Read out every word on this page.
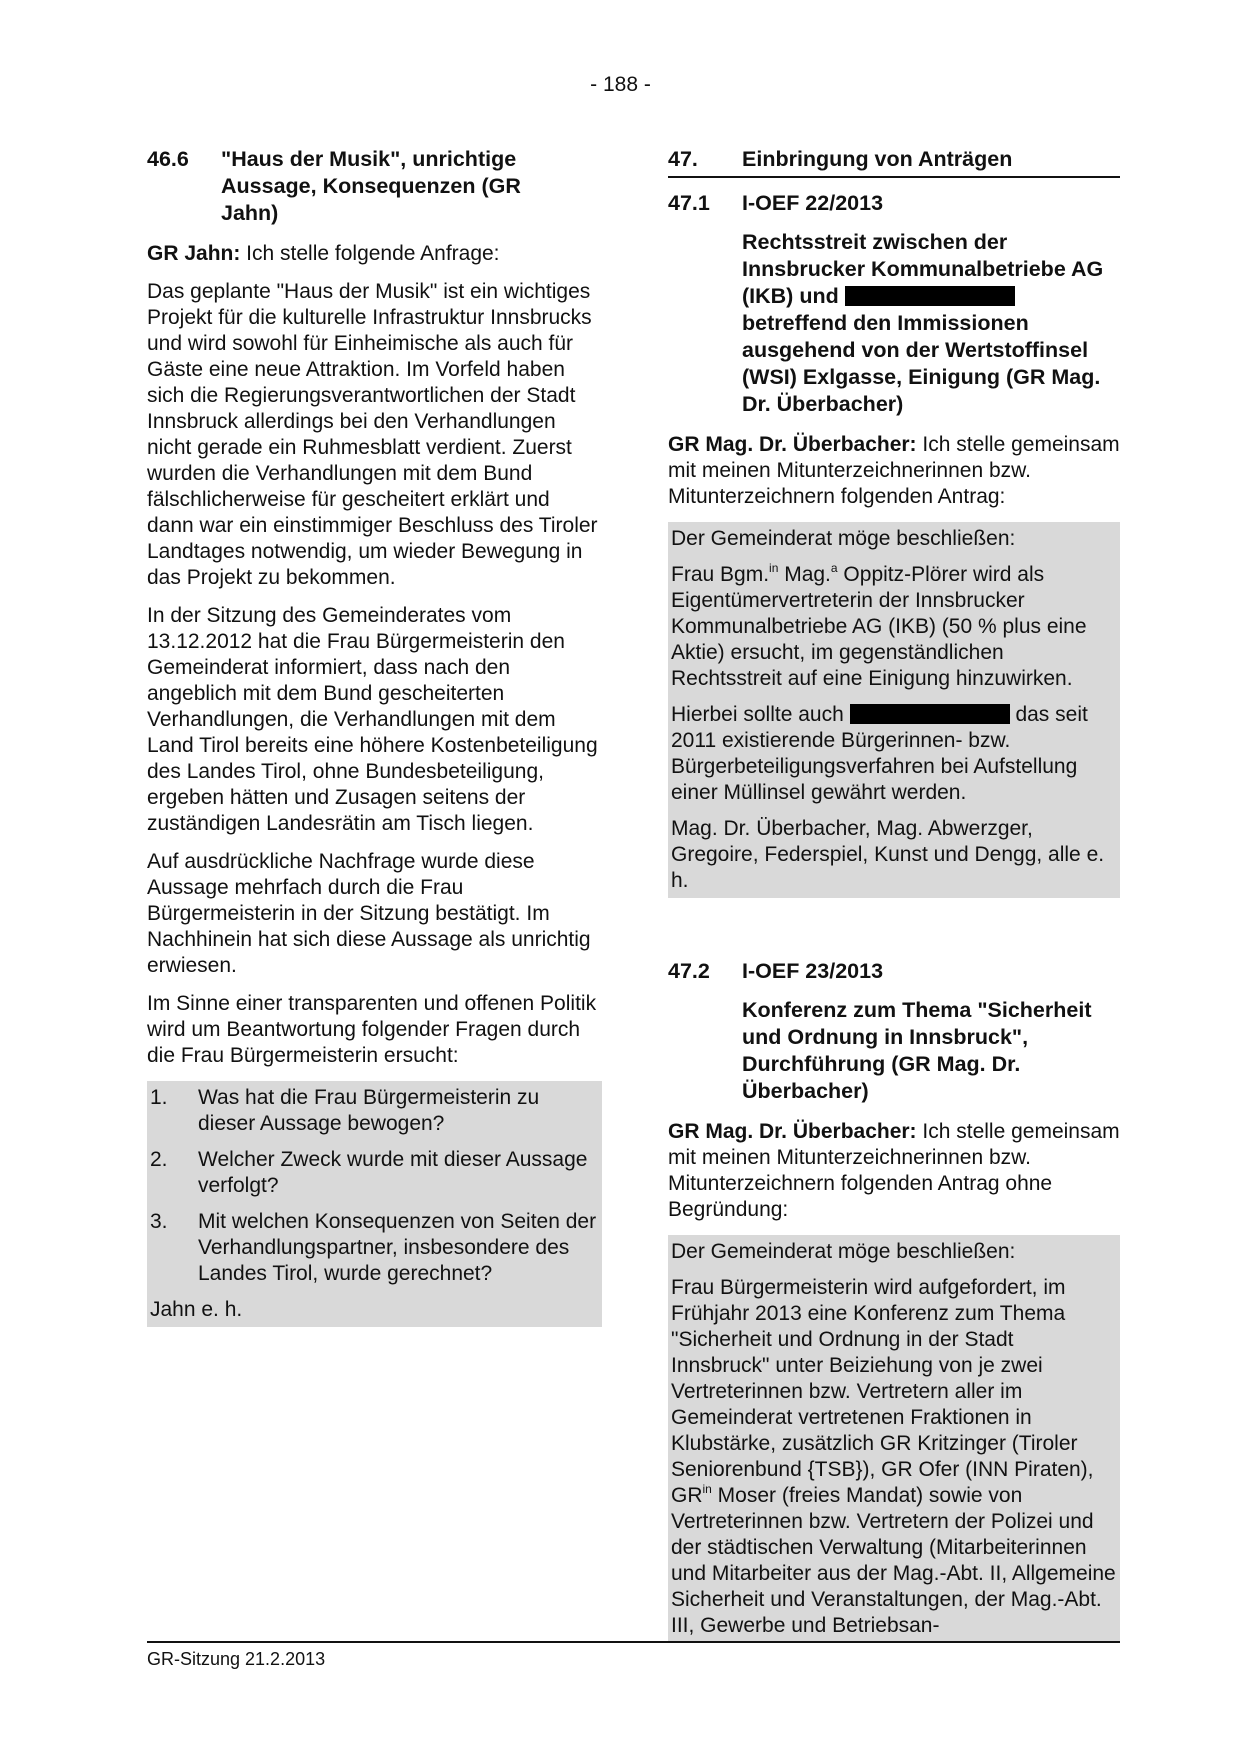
- 188 -
46.6	"Haus der Musik", unrichtige Aussage, Konsequenzen (GR Jahn)

GR Jahn: Ich stelle folgende Anfrage:

Das geplante "Haus der Musik" ist ein wichtiges Projekt für die kulturelle Infrastruktur Innsbrucks und wird sowohl für Einheimische als auch für Gäste eine neue Attraktion. Im Vorfeld haben sich die Regierungsverantwortlichen der Stadt Innsbruck allerdings bei den Verhandlungen nicht gerade ein Ruhmesblatt verdient. Zuerst wurden die Verhandlungen mit dem Bund fälschlicherweise für gescheitert erklärt und dann war ein einstimmiger Beschluss des Tiroler Landtages notwendig, um wieder Bewegung in das Projekt zu bekommen.

In der Sitzung des Gemeinderates vom 13.12.2012 hat die Frau Bürgermeisterin den Gemeinderat informiert, dass nach den angeblich mit dem Bund gescheiterten Verhandlungen, die Verhandlungen mit dem Land Tirol bereits eine höhere Kostenbeteiligung des Landes Tirol, ohne Bundesbeteiligung, ergeben hätten und Zusagen seitens der zuständigen Landesrätin am Tisch liegen.

Auf ausdrückliche Nachfrage wurde diese Aussage mehrfach durch die Frau Bürgermeisterin in der Sitzung bestätigt. Im Nachhinein hat sich diese Aussage als unrichtig erwiesen.

Im Sinne einer transparenten und offenen Politik wird um Beantwortung folgender Fragen durch die Frau Bürgermeisterin ersucht:

1.	Was hat die Frau Bürgermeisterin zu dieser Aussage bewogen?
2.	Welcher Zweck wurde mit dieser Aussage verfolgt?
3.	Mit welchen Konsequenzen von Seiten der Verhandlungspartner, insbesondere des Landes Tirol, wurde gerechnet?

Jahn e. h.

47.	Einbringung von Anträgen
47.1	I-OEF 22/2013
Rechtsstreit zwischen der Innsbrucker Kommunalbetriebe AG (IKB) und  betreffend den Immissionen ausgehend von der Wertstoffinsel (WSI) Exlgasse, Einigung (GR Mag. Dr. Überbacher)

GR Mag. Dr. Überbacher: Ich stelle gemeinsam mit meinen Mitunterzeichnerinnen bzw. Mitunterzeichnern folgenden Antrag:

Der Gemeinderat möge beschließen:

Frau Bgm.$^{in}$ Mag.$^a$ Oppitz-Plörer wird als Eigentümervertreterin der Innsbrucker Kommunalbetriebe AG (IKB) (50 % plus eine Aktie) ersucht, im gegenständlichen Rechtsstreit auf eine Einigung hinzuwirken.

Hierbei sollte auch	das seit 2011 existierende Bürgerinnen- bzw. Bürgerbeteiligungsverfahren bei Aufstellung einer Müllinsel gewährt werden.

Mag. Dr. Überbacher, Mag. Abwerzger, Gregoire, Federspiel, Kunst und Dengg, alle e. h.

47.2	I-OEF 23/2013
Konferenz zum Thema "Sicherheit und Ordnung in Innsbruck", Durchführung (GR Mag. Dr. Überbacher)

GR Mag. Dr. Überbacher: Ich stelle gemeinsam mit meinen Mitunterzeichnerinnen bzw. Mitunterzeichnern folgenden Antrag ohne Begründung:

Der Gemeinderat möge beschließen:

Frau Bürgermeisterin wird aufgefordert, im Frühjahr 2013 eine Konferenz zum Thema "Sicherheit und Ordnung in der Stadt Innsbruck" unter Beiziehung von je zwei Vertreterinnen bzw. Vertretern aller im Gemeinderat vertretenen Fraktionen in Klubstärke, zusätzlich GR Kritzinger (Tiroler Seniorenbund {TSB}), GR Ofer (INN Piraten), $GR^{in}$ Moser (freies Mandat) sowie von Vertreterinnen bzw. Vertretern der Polizei und der städtischen Verwaltung (Mitarbeiterinnen und Mitarbeiter aus der Mag.-Abt. II, Allgemeine Sicherheit und Veranstaltungen, der Mag.-Abt. III, Gewerbe und Betriebsan-

GR-Sitzung 21.2.2013
